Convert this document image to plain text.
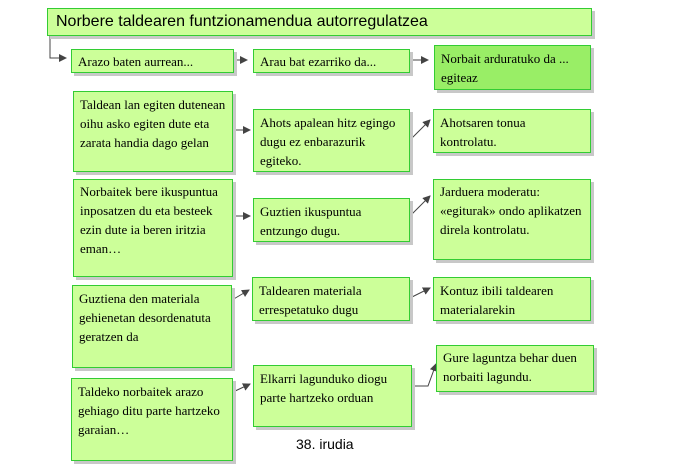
Norbere taldearen funtzionamendua autorregulatzea
Arazo baten aurrean...	Arau bat ezarriko da...	Norbait arduratuko da ... egiteaz
Taldean lan egiten dutenean oihu asko egiten dute eta zarata handia dago gelan
Ahots apalean hitz egingo dugu ez enbarazurik egiteko.
Ahotsaren tonua kontrolatu.
Norbaitek bere ikuspuntua inposatzen du eta besteek ezin dute ia beren iritzia eman…
Guztien ikuspuntua entzungo dugu.
Jarduera moderatu: «egiturak» ondo aplikatzen direla kontrolatu.
Guztiena den materiala gehienetan desordenatuta geratzen da
Taldearen materiala errespetatuko dugu
Kontuz ibili taldearen materialarekin
Taldeko norbaitek arazo gehiago ditu parte hartzeko garaian…
Elkarri lagunduko diogu parte hartzeko orduan
Gure laguntza behar duen norbaiti lagundu.
38. irudia
